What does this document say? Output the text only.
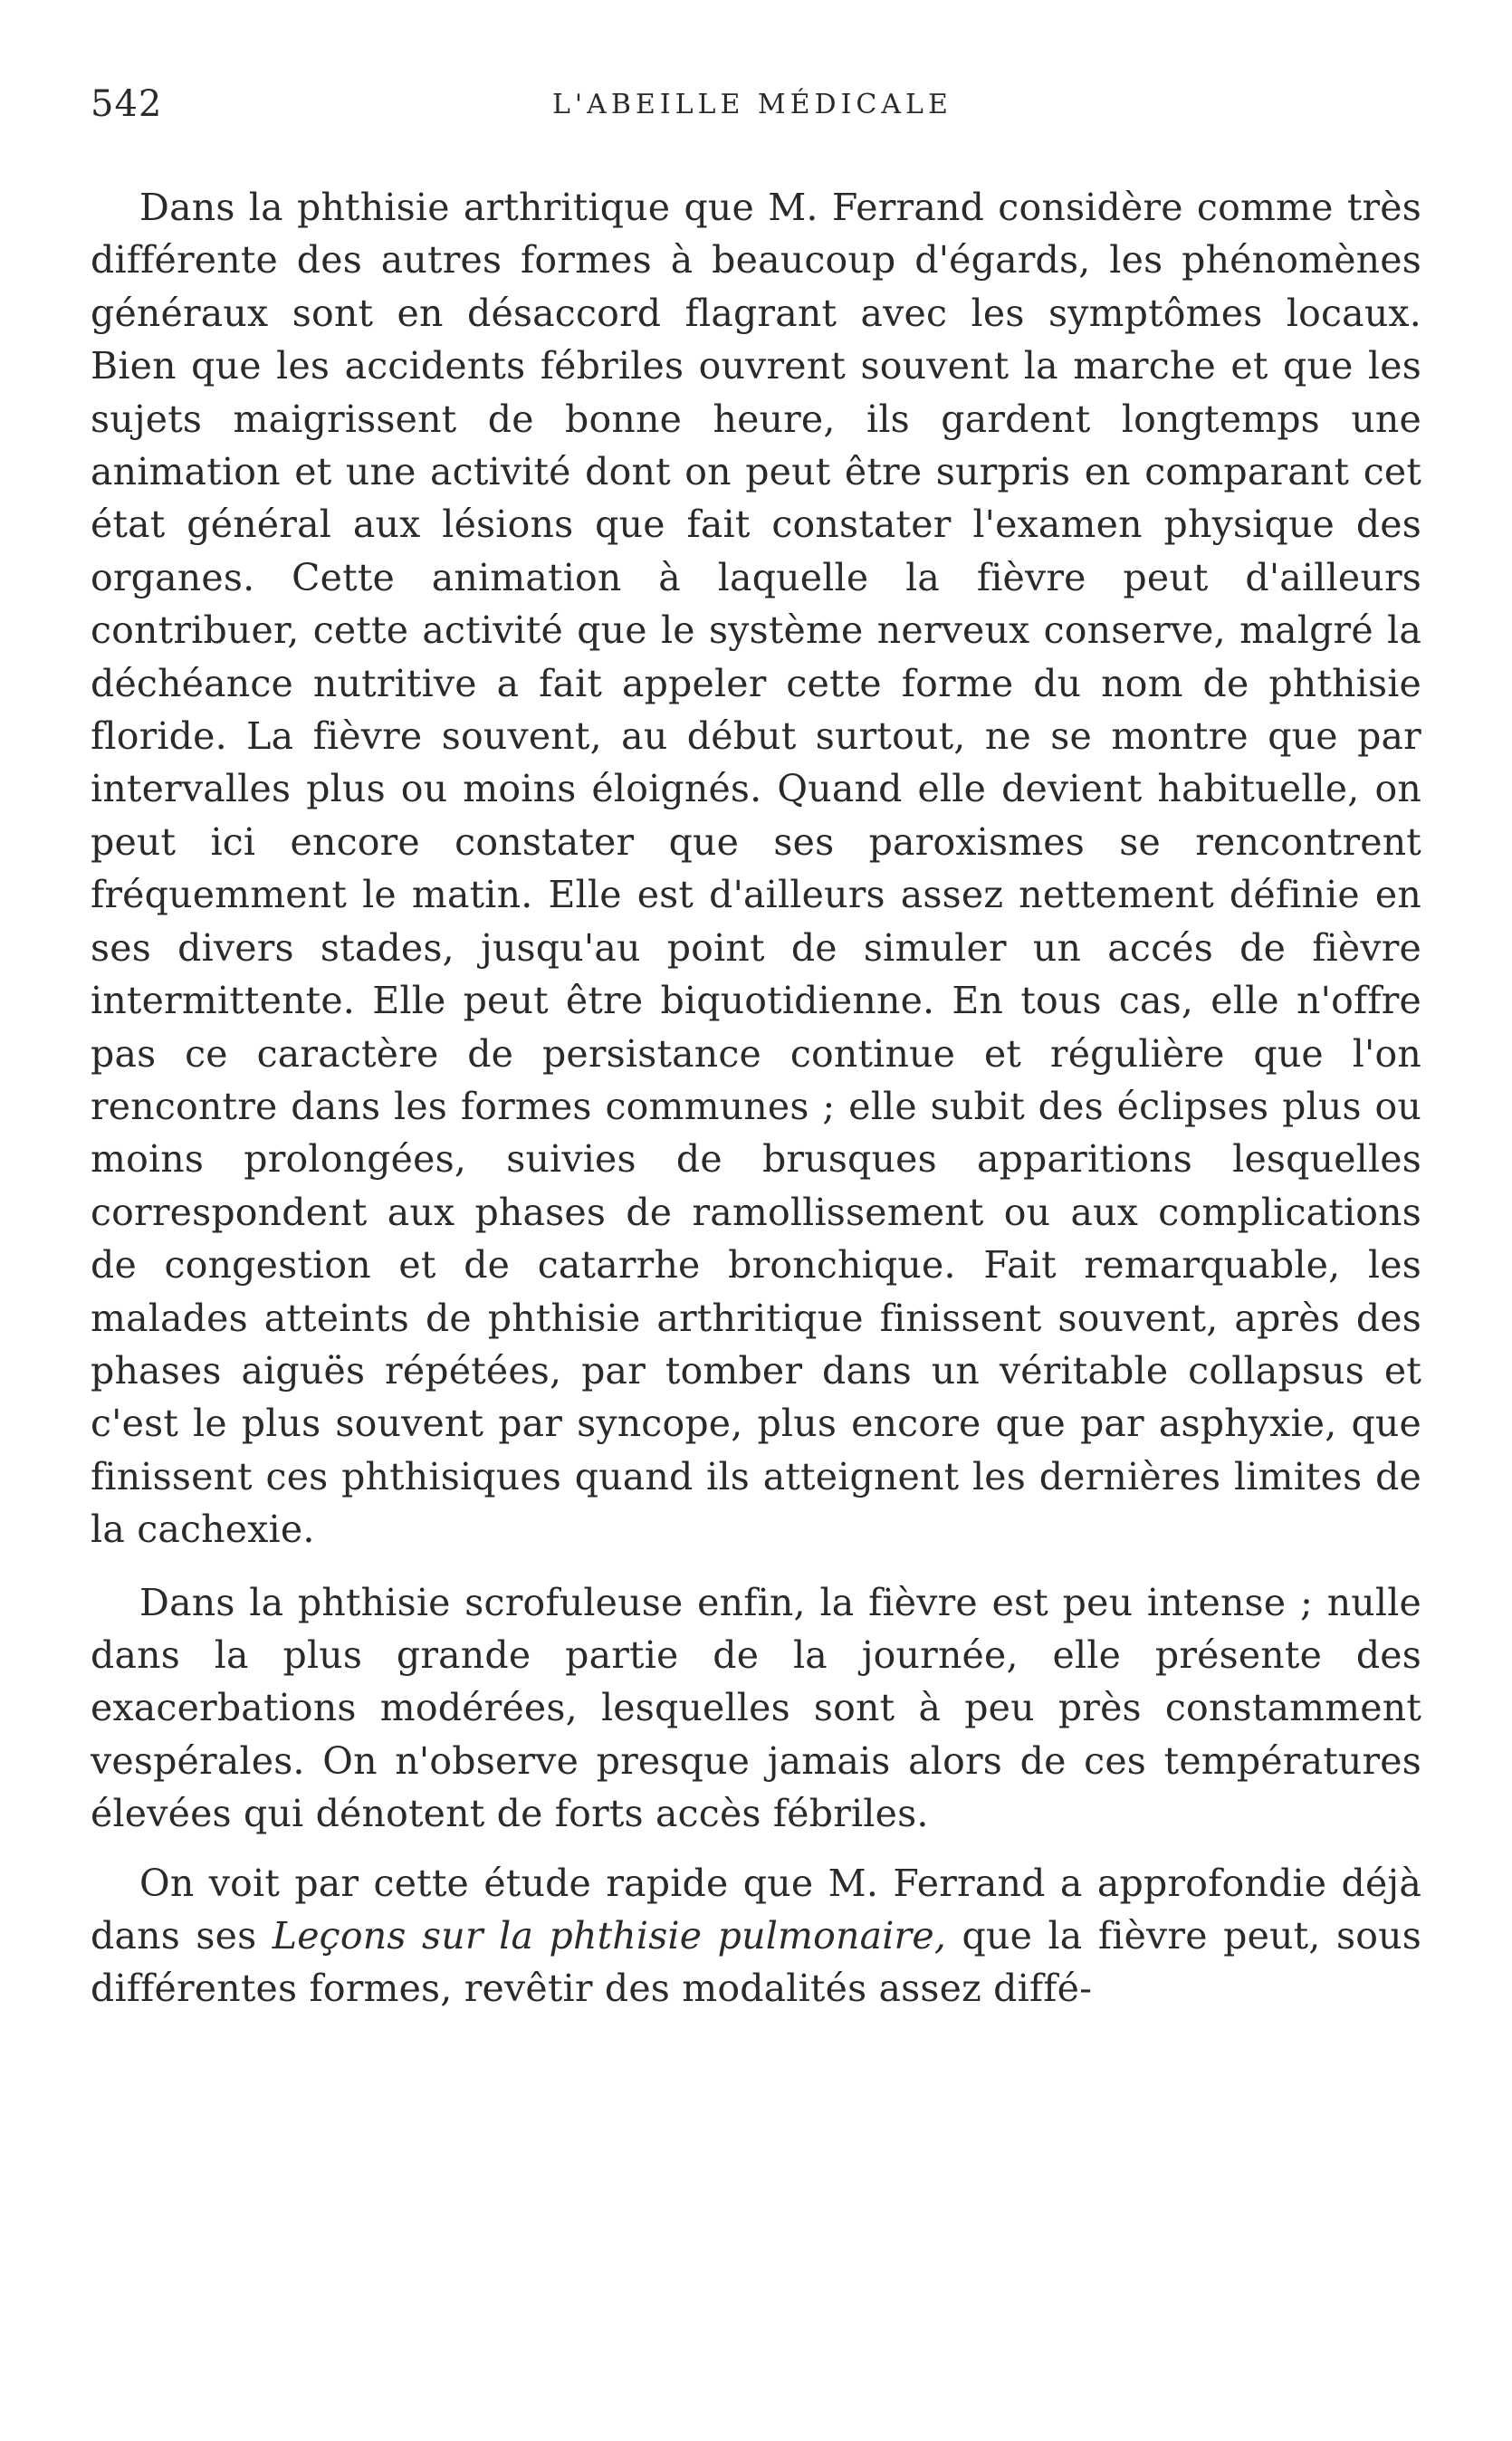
542	L'ABEILLE MÉDICALE

Dans la phthisie arthritique que M. Ferrand considère comme très différente des autres formes à beaucoup d'égards, les phénomènes généraux sont en désaccord flagrant avec les symptômes locaux. Bien que les accidents fébriles ouvrent souvent la marche et que les sujets maigrissent de bonne heure, ils gardent longtemps une animation et une activité dont on peut être surpris en comparant cet état général aux lésions que fait constater l'examen physique des organes. Cette animation à laquelle la fièvre peut d'ailleurs contribuer, cette activité que le système nerveux conserve, malgré la déchéance nutritive a fait appeler cette forme du nom de phthisie floride. La fièvre souvent, au début surtout, ne se montre que par intervalles plus ou moins éloignés. Quand elle devient habituelle, on peut ici encore constater que ses paroxismes se rencontrent fréquemment le matin. Elle est d'ailleurs assez nettement définie en ses divers stades, jusqu'au point de simuler un accés de fièvre intermittente. Elle peut être biquotidienne. En tous cas, elle n'offre pas ce caractère de persistance continue et régulière que l'on rencontre dans les formes communes ; elle subit des éclipses plus ou moins prolongées, suivies de brusques apparitions lesquelles correspondent aux phases de ramollissement ou aux complications de congestion et de catarrhe bronchique. Fait remarquable, les malades atteints de phthisie arthritique finissent souvent, après des phases aiguës répétées, par tomber dans un véritable collapsus et c'est le plus souvent par syncope, plus encore que par asphyxie, que finissent ces phthisiques quand ils atteignent les dernières limites de la cachexie.

Dans la phthisie scrofuleuse enfin, la fièvre est peu intense ; nulle dans la plus grande partie de la journée, elle présente des exacerbations modérées, lesquelles sont à peu près constamment vespérales. On n'observe presque jamais alors de ces températures élevées qui dénotent de forts accès fébriles.

On voit par cette étude rapide que M. Ferrand a approfondie déjà dans ses Leçons sur la phthisie pulmonaire, que la fièvre peut, sous différentes formes, revêtir des modalités assez diffé-
